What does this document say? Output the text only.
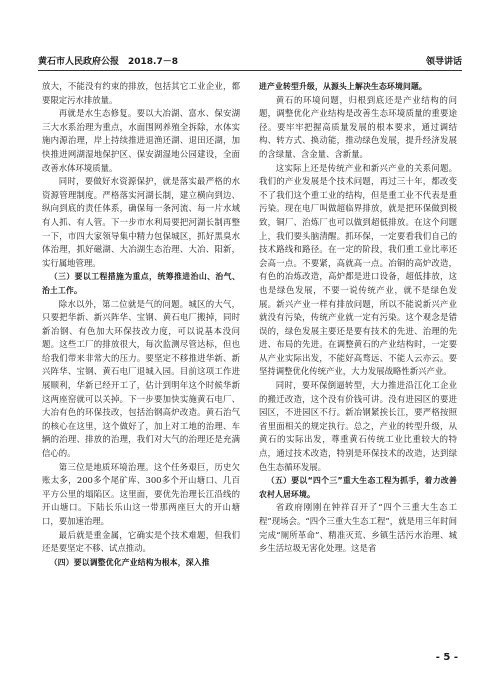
黄石市人民政府公报　2018.7－8	领导讲话

放大，不能没有约束的排放，包括其它工业企业，都要限定污水排放量。

再就是水生态修复。要以大冶湖、富水、保安湖三大水系治理为重点，水面围网养殖全拆除，水体实施内源治理，岸上持续推进退渔还湖、退田还湖，加快推进网湖湿地保护区、保安湖湿地公园建设，全面改善水体环境质量。

同时，要做好水资源保护，就是落实最严格的水资源管理制度。严格落实河湖长制，建立横向到边、纵向到底的责任体系，确保每一条河流、每一片水域有人抓、有人管。下一步市水利局要把河湖长制再整一下，市四大家领导集中精力包保城区，抓好黑臭水体治理，抓好磁湖、大冶湖生态治理、大冶、阳新，实行属地管理。

（三）要以工程措施为重点，统筹推进治山、治气、治土工作。

除水以外，第二位就是气的问题。城区的大气，只要把华新、新兴阵华、宝钢、黄石电厂搬掉，同时新冶钢、有色加大环保技改力度，可以说基本没问题。这些工厂的排放很大，每次监测尽管达标，但也给我们带来非常大的压力。要坚定不移推进华新、新兴阵华、宝钢、黄石电厂退城入园。目前这项工作进展顺利，华新已经开工了，估计到明年这个时候华新这两座窑就可以关掉。下一步要加快实施黄石电厂、大冶有色的环保技改，包括治钢高炉改造。黄石治气的核心在这里，这个做好了，加上对工地的治理、车辆的治理、排放的治理，我们对大气的治理还是充满信心的。

第三位是地质环境治理。这个任务艰巨，历史欠账太多，200多个尾矿库、300多个开山塘口、几百平方公里的塌陷区。这里面，要优先治理长江沿线的开山塘口。下陆长乐山这一带那两座巨大的开山塘口，要加速治理。

最后就是重金属，它确实是个技术难题，但我们还是要坚定不移、试点推动。

（四）要以调整优化产业结构为根本，深入推

进产业转型升级，从源头上解决生态环境问题。

黄石的环境问题，归根到底还是产业结构的问题，调整优化产业结构是改善生态环境质量的重要途径。要牢牢把握高质量发展的根本要求，通过调结构、转方式、换动能，推动绿色发展，提升经济发展的含绿量、含金量、含新量。

这实际上还是传统产业和新兴产业的关系问题。我们的产业发展是个技术问题，再过三十年，都改变不了我们这个重工业的结构，但是重工业不代表是重污染。现在电厂叫做超临界排放，就是把环保做到极致，铜厂、治炼厂也可以做到超低排放。在这个问题上，我们要头脑清醒。抓环保，一定要看我们自己的技术路线和路径。在一定的阶段，我们重工业比率还会高一点。不要紧，高就高一点。冶铜的高炉改造，有色的冶炼改造，高炉都是进口设备，超低排放，这也是绿色发展，不要一说传统产业，就不是绿色发展。新兴产业一样有排放问题，所以不能说新兴产业就没有污染，传统产业就一定有污染。这个观念是错误的，绿色发展主要还是要有技术的先进、治理的先进、布局的先进。在调整黄石的产业结构时，一定要从产业实际出发，不能好高骛远、不能人云亦云。要坚持调整优化传统产业，大力发展战略性新兴产业。

同时，要环保倒逼转型，大力推进沿江化工企业的搬迁改造，这个没有价钱可讲。没有进园区的要进园区，不进园区不行。新冶钢紧挨长江，要严格按照省里面相关的规定执行。总之，产业的转型升级，从黄石的实际出发，尊重黄石传统工业比重较大的特点，通过技术改造，特别是环保技术的改造，达到绿色生态循环发展。

（五）要以“四个三”重大生态工程为抓手，着力改善农村人居环境。

省政府刚刚在钟祥召开了“四个三重大生态工程”现场会。“四个三重大生态工程”，就是用三年时间完成“厕所革命”、精准灭荒、乡镇生活污水治理、城乡生活垃圾无害化处理。这是省

- 5 -
